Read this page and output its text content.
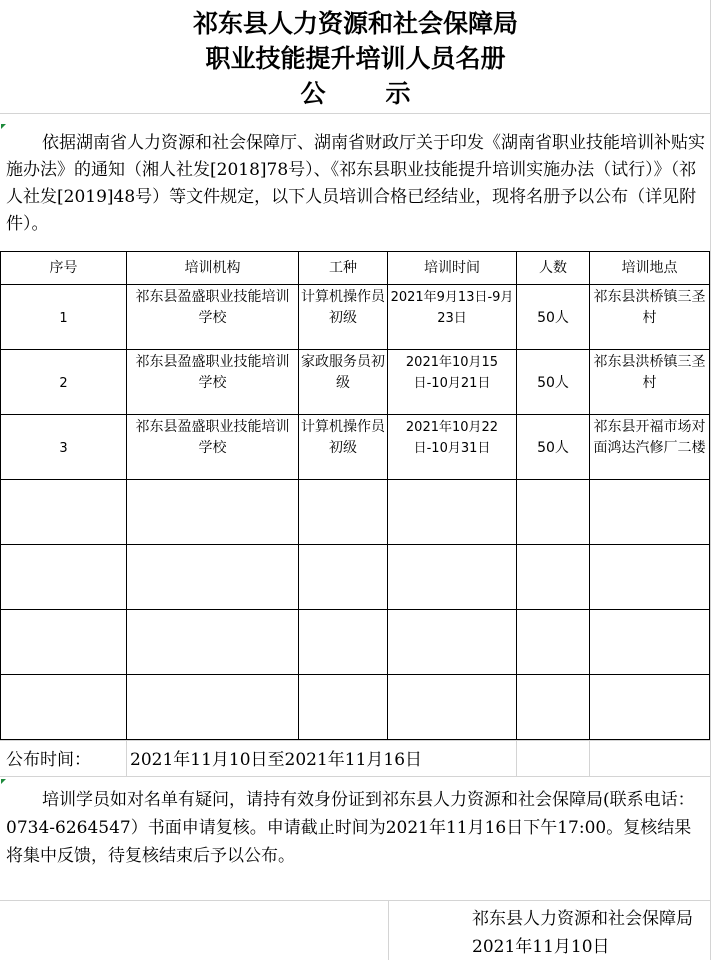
祁东县人力资源和社会保障局
职业技能提升培训人员名册
公示

依据湖南省人力资源和社会保障厅、湖南省财政厅关于印发《湖南省职业技能培训补贴实施办法》的通知（湘人社发[2018]78号）、《祁东县职业技能提升培训实施办法（试行）》（祁人社发[2019]48号）等文件规定，以下人员培训合格已经结业，现将名册予以公布（详见附件）。

序号	培训机构	工种	培训时间	人数	培训地点
1	祁东县盈盛职业技能培训学校	计算机操作员初级	2021年9月13日-9月23日	50人	祁东县洪桥镇三圣村
2	祁东县盈盛职业技能培训学校	家政服务员初级	2021年10月15日-10月21日	50人	祁东县洪桥镇三圣村
3	祁东县盈盛职业技能培训学校	计算机操作员初级	2021年10月22日-10月31日	50人	祁东县开福市场对面鸿达汽修厂二楼

公布时间： 2021年11月10日至2021年11月16日

培训学员如对名单有疑问，请持有效身份证到祁东县人力资源和社会保障局(联系电话：0734-6264547）书面申请复核。申请截止时间为2021年11月16日下午17:00。复核结果将集中反馈，待复核结束后予以公布。

祁东县人力资源和社会保障局
2021年11月10日
